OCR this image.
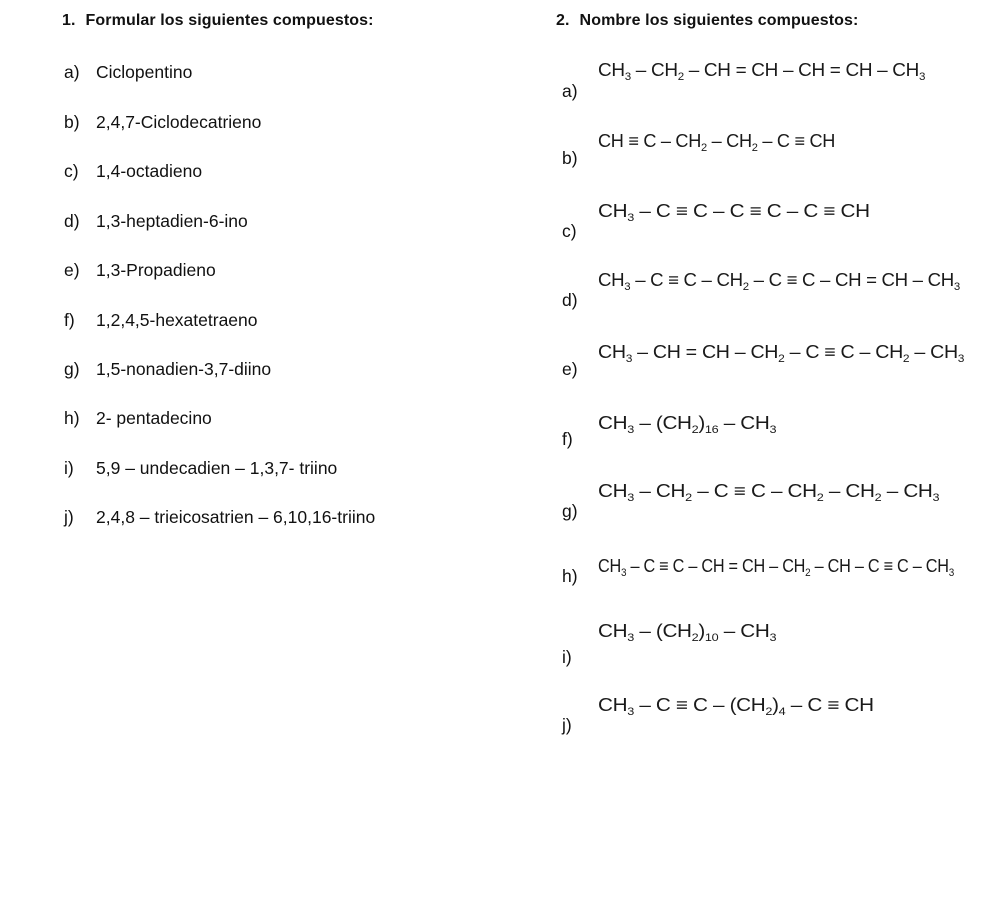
1. Formular los siguientes compuestos:	2. Nombre los siguientes compuestos:
a) Ciclopentino
b) 2,4,7-Ciclodecatrieno
c) 1,4-octadieno
d) 1,3-heptadien-6-ino
e) 1,3-Propadieno
f) 1,2,4,5-hexatetraeno
g) 1,5-nonadien-3,7-diino
h) 2- pentadecino
i) 5,9 – undecadien – 1,3,7- triino
j) 2,4,8 – trieicosatrien – 6,10,16-triino
a)
$CH_3 - CH_2$ – CH = CH – CH = CH – $CH_3$
b)
CH ≡ C – $CH_2 - CH_2$ – C ≡ CH
c)
$CH_3 - C \equiv C - C \equiv C - C$ ≡ CH
d)
$CH_3 - C \equiv C - CH_2 - C \equiv C$ – CH = CH – $CH_3$
e)
$CH_3$ – CH = CH – $CH_2 - C \equiv C - CH_2 - CH_3$
f)
$CH_3 - (CH_2)_{16} - CH_3$
g)
$CH_3 - CH_2 - C \equiv C - CH_2 - CH_2 - CH_3$
h) $CH_3 - C \equiv C$ – CH = CH – $CH_2$ – CH – $C \equiv C - CH_3$
i)
$CH_3 - (CH_2)_{10} - CH_3$
j)
$CH_3 - C \equiv C - (CH_2)_4 - C$ ≡ CH
